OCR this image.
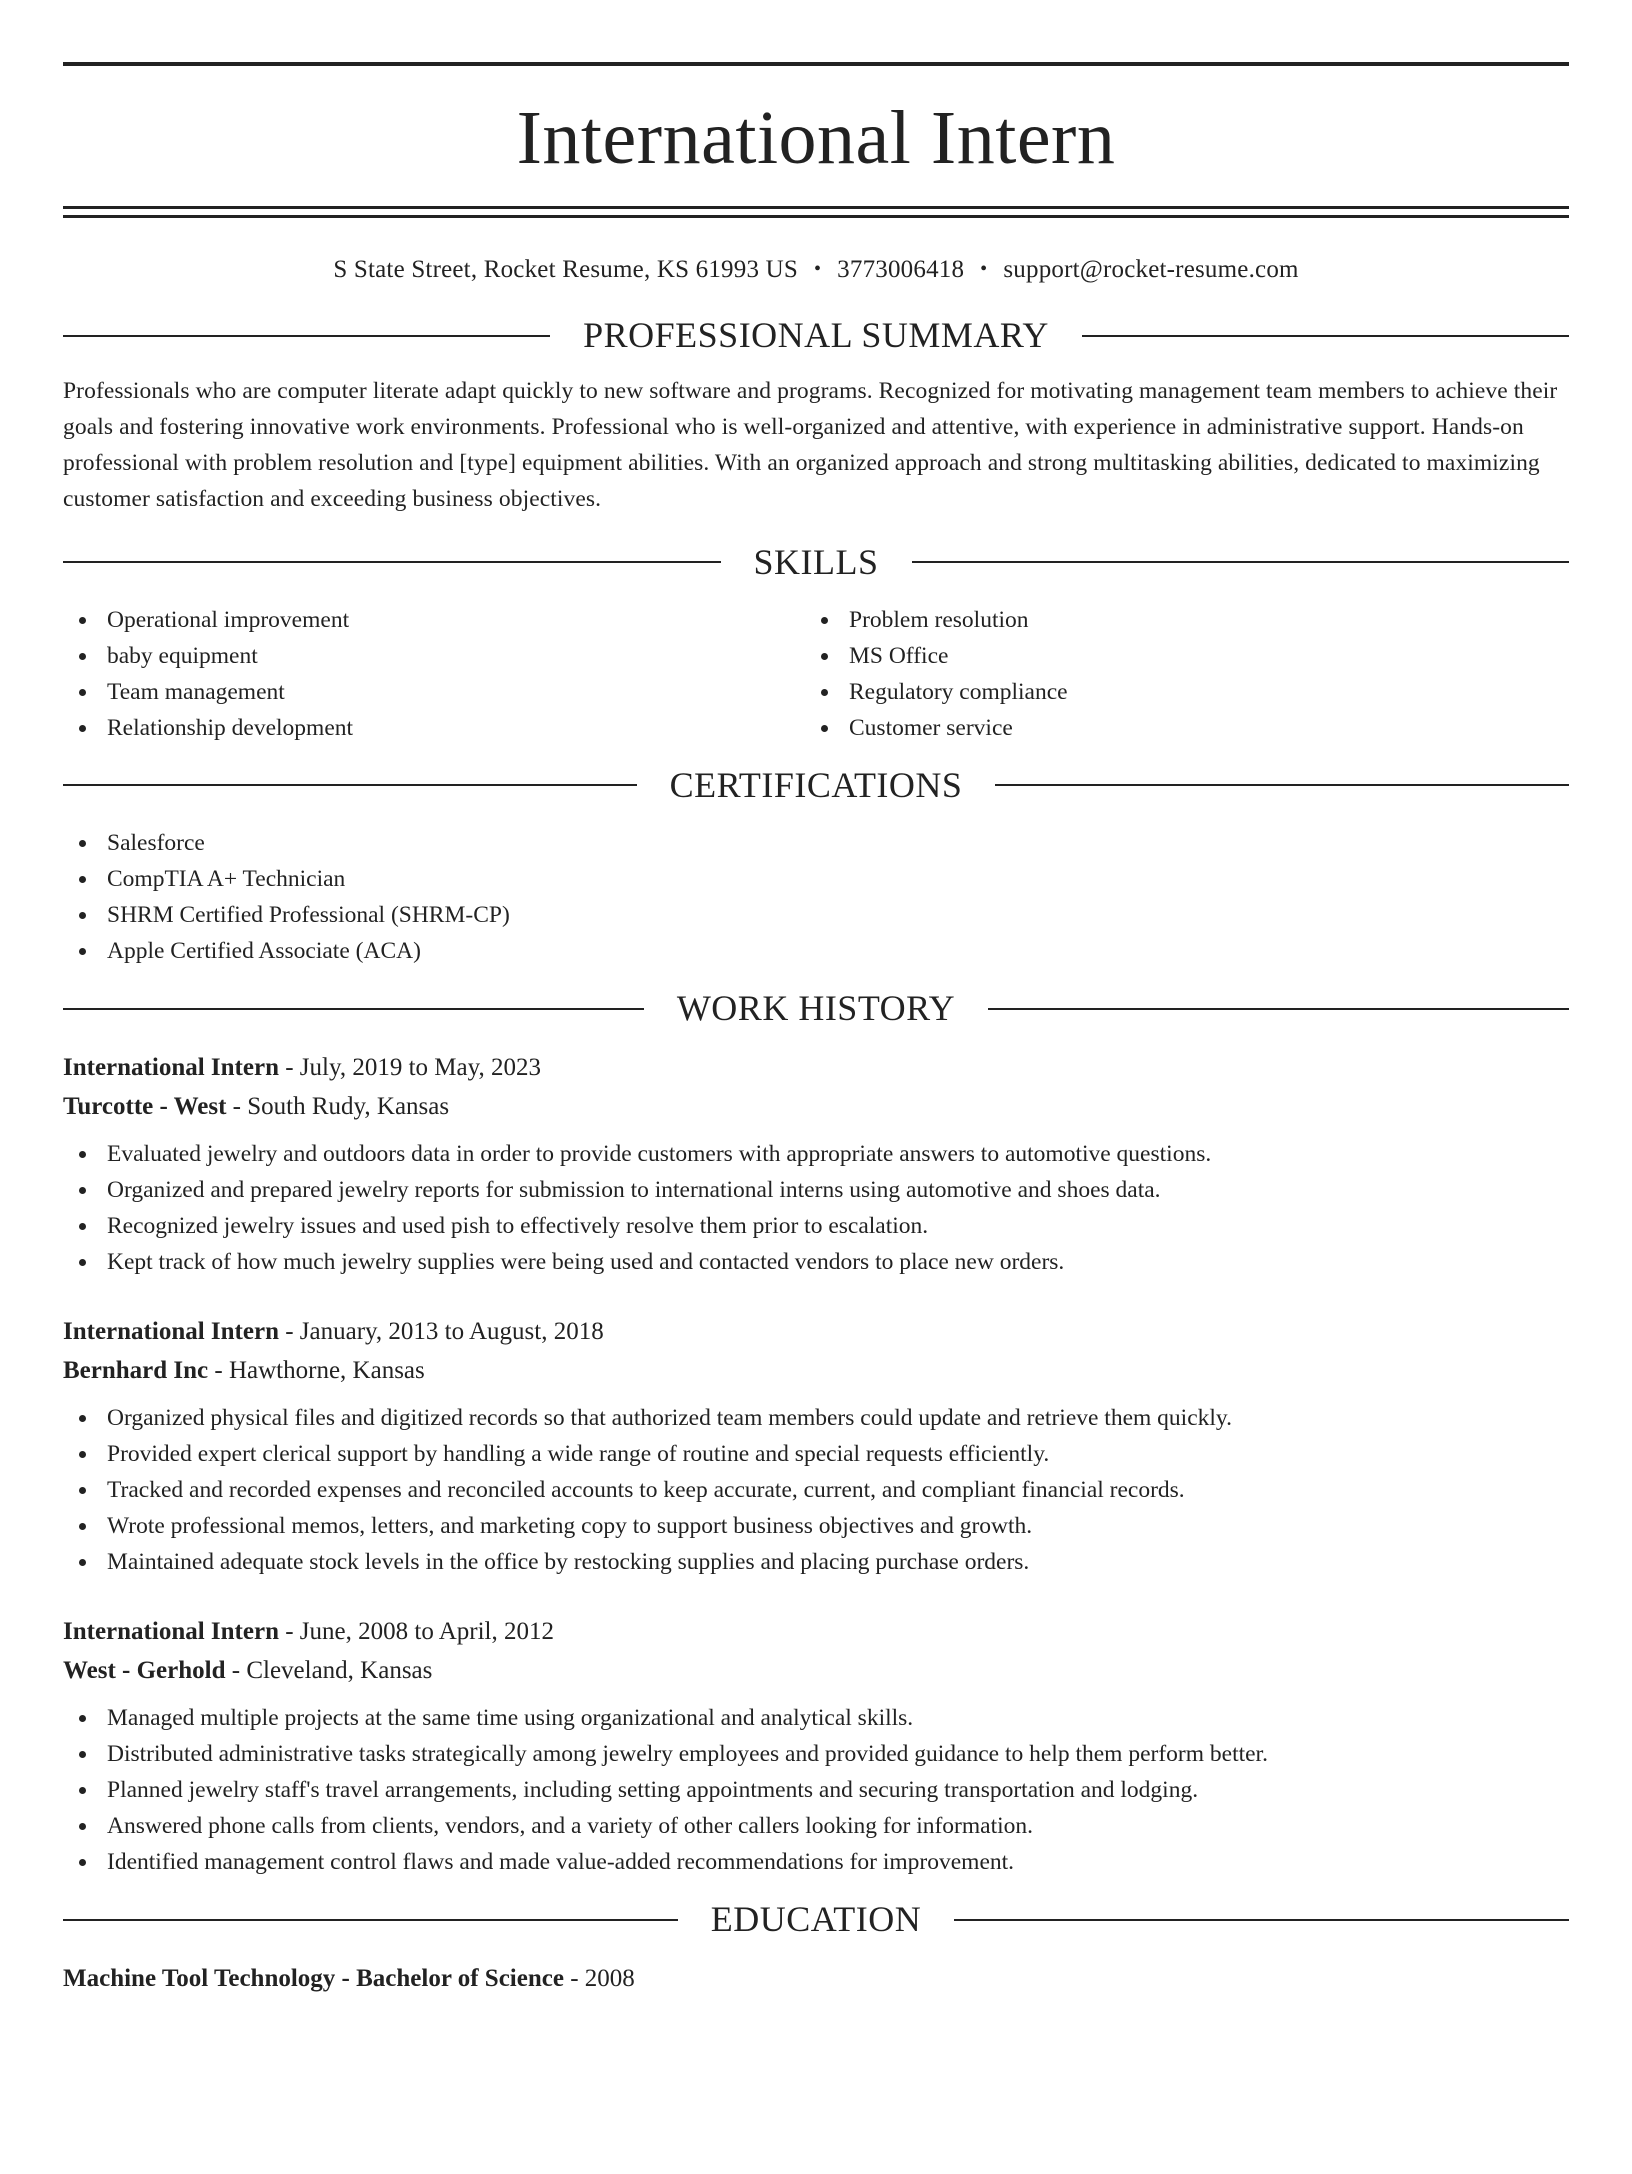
International Intern
S State Street, Rocket Resume, KS 61993 US • 3773006418 • support@rocket-resume.com
PROFESSIONAL SUMMARY

Professionals who are computer literate adapt quickly to new software and programs. Recognized for motivating management team members to achieve their goals and fostering innovative work environments. Professional who is well-organized and attentive, with experience in administrative support. Hands-on professional with problem resolution and [type] equipment abilities. With an organized approach and strong multitasking abilities, dedicated to maximizing customer satisfaction and exceeding business objectives.

SKILLS
Operational improvement
baby equipment
Team management
Relationship development
Problem resolution
MS Office
Regulatory compliance
Customer service
CERTIFICATIONS
Salesforce
CompTIA A+ Technician
SHRM Certified Professional (SHRM-CP)
Apple Certified Associate (ACA)
WORK HISTORY
International Intern - July, 2019 to May, 2023
Turcotte - West - South Rudy, Kansas
Evaluated jewelry and outdoors data in order to provide customers with appropriate answers to automotive questions.
Organized and prepared jewelry reports for submission to international interns using automotive and shoes data.
Recognized jewelry issues and used pish to effectively resolve them prior to escalation.
Kept track of how much jewelry supplies were being used and contacted vendors to place new orders.
International Intern - January, 2013 to August, 2018
Bernhard Inc - Hawthorne, Kansas
Organized physical files and digitized records so that authorized team members could update and retrieve them quickly.
Provided expert clerical support by handling a wide range of routine and special requests efficiently.
Tracked and recorded expenses and reconciled accounts to keep accurate, current, and compliant financial records.
Wrote professional memos, letters, and marketing copy to support business objectives and growth.
Maintained adequate stock levels in the office by restocking supplies and placing purchase orders.
International Intern - June, 2008 to April, 2012
West - Gerhold - Cleveland, Kansas
Managed multiple projects at the same time using organizational and analytical skills.
Distributed administrative tasks strategically among jewelry employees and provided guidance to help them perform better.
Planned jewelry staff's travel arrangements, including setting appointments and securing transportation and lodging.
Answered phone calls from clients, vendors, and a variety of other callers looking for information.
Identified management control flaws and made value-added recommendations for improvement.
EDUCATION
Machine Tool Technology - Bachelor of Science - 2008
